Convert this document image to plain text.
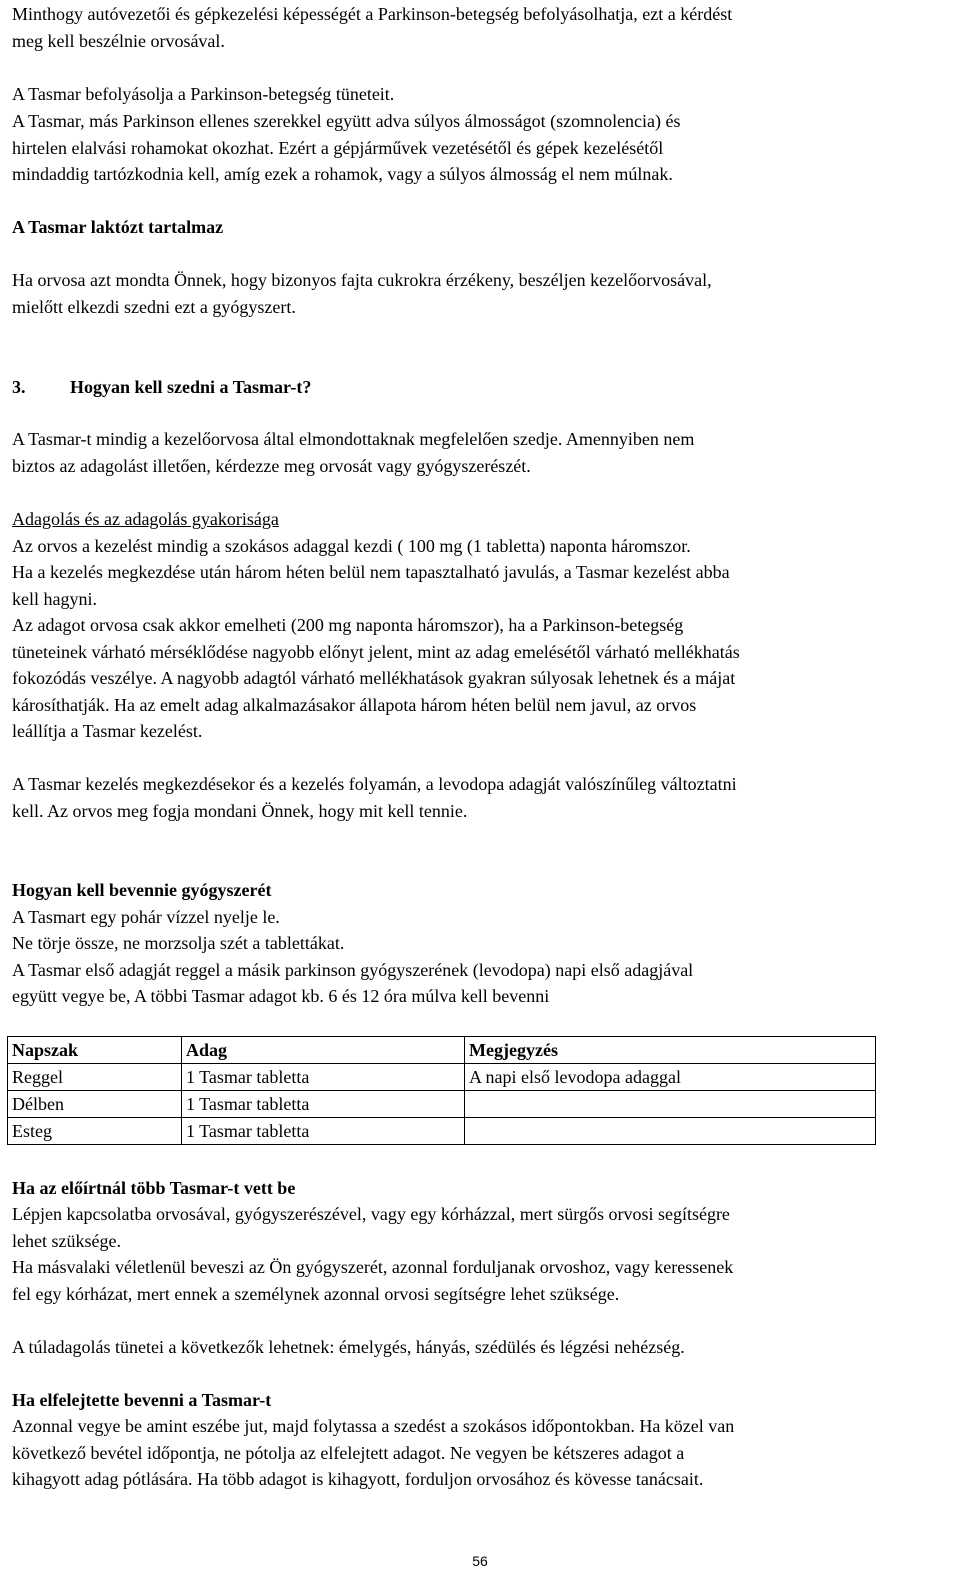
Minthogy autóvezetői és gépkezelési képességét a Parkinson-betegség befolyásolhatja, ezt a kérdést
meg kell beszélnie orvosával.
A Tasmar befolyásolja a Parkinson-betegség tüneteit.
A Tasmar, más Parkinson ellenes szerekkel együtt adva súlyos álmosságot (szomnolencia) és
hirtelen elalvási rohamokat okozhat. Ezért a gépjárművek vezetésétől és gépek kezelésétől
mindaddig tartózkodnia kell, amíg ezek a rohamok, vagy a súlyos álmosság el nem múlnak.
A Tasmar laktózt tartalmaz
Ha orvosa azt mondta Önnek, hogy bizonyos fajta cukrokra érzékeny, beszéljen kezelőorvosával,
mielőtt elkezdi szedni ezt a gyógyszert.
3. Hogyan kell szedni a Tasmar-t?
A Tasmar-t mindig a kezelőorvosa által elmondottaknak megfelelően szedje. Amennyiben nem
biztos az adagolást illetően, kérdezze meg orvosát vagy gyógyszerészét.
Adagolás és az adagolás gyakorisága
Az orvos a kezelést mindig a szokásos adaggal kezdi ( 100 mg (1 tabletta) naponta háromszor.
Ha a kezelés megkezdése után három héten belül nem tapasztalható javulás, a Tasmar kezelést abba
kell hagyni.
Az adagot orvosa csak akkor emelheti (200 mg naponta háromszor), ha a Parkinson-betegség
tüneteinek várható mérséklődése nagyobb előnyt jelent, mint az adag emelésétől várható mellékhatás
fokozódás veszélye. A nagyobb adagtól várható mellékhatások gyakran súlyosak lehetnek és a májat
károsíthatják. Ha az emelt adag alkalmazásakor állapota három héten belül nem javul, az orvos
leállítja a Tasmar kezelést.
A Tasmar kezelés megkezdésekor és a kezelés folyamán, a levodopa adagját valószínűleg változtatni
kell. Az orvos meg fogja mondani Önnek, hogy mit kell tennie.
Hogyan kell bevennie gyógyszerét
A Tasmart egy pohár vízzel nyelje le.
Ne törje össze, ne morzsolja szét a tablettákat.
A Tasmar első adagját reggel a másik parkinson gyógyszerének (levodopa) napi első adagjával
együtt vegye be, A többi Tasmar adagot kb. 6 és 12 óra múlva kell bevenni
Napszak	Adag	Megjegyzés
Reggel	1 Tasmar tabletta	A napi első levodopa adaggal
Délben	1 Tasmar tabletta	
Esteg	1 Tasmar tabletta	
Ha az előírtnál több Tasmar-t vett be
Lépjen kapcsolatba orvosával, gyógyszerészével, vagy egy kórházzal, mert sürgős orvosi segítségre
lehet szüksége.
Ha másvalaki véletlenül beveszi az Ön gyógyszerét, azonnal forduljanak orvoshoz, vagy keressenek
fel egy kórházat, mert ennek a személynek azonnal orvosi segítségre lehet szüksége.
A túladagolás tünetei a következők lehetnek: émelygés, hányás, szédülés és légzési nehézség.
Ha elfelejtette bevenni a Tasmar-t
Azonnal vegye be amint eszébe jut, majd folytassa a szedést a szokásos időpontokban. Ha közel van
következő bevétel időpontja, ne pótolja az elfelejtett adagot. Ne vegyen be kétszeres adagot a
kihagyott adag pótlására. Ha több adagot is kihagyott, forduljon orvosához és kövesse tanácsait.
56
